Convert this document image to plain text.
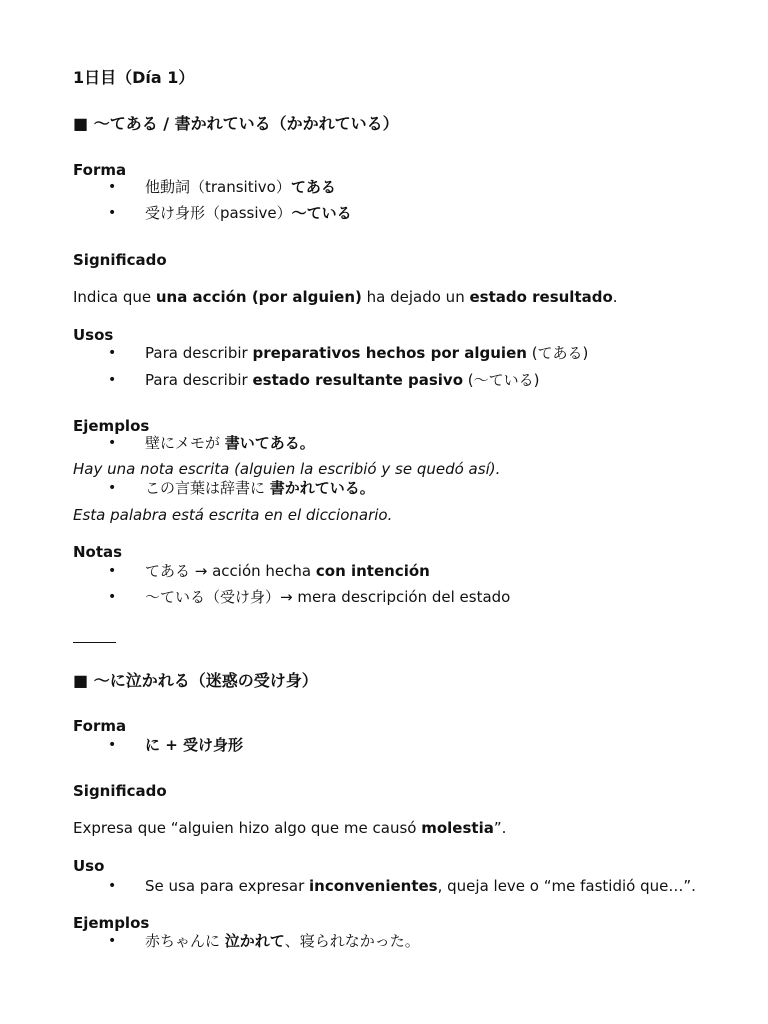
1日目（Día 1）
■ 〜てある / 書かれている（かかれている）
Forma
• 他動詞（transitivo）てある
• 受け身形（passive）〜ている
Significado
Indica que una acción (por alguien) ha dejado un estado resultado.
Usos
• Para describir preparativos hechos por alguien (てある)
• Para describir estado resultante pasivo (〜ている)
Ejemplos
• 壁にメモが 書いてある。
Hay una nota escrita (alguien la escribió y se quedó así).
• この言葉は辞書に 書かれている。
Esta palabra está escrita en el diccionario.
Notas
• てある → acción hecha con intención
• 〜ている（受け身）→ mera descripción del estado
■ 〜に泣かれる（迷惑の受け身）
Forma
• に + 受け身形
Significado
Expresa que “alguien hizo algo que me causó molestia”.
Uso
• Se usa para expresar inconvenientes, queja leve o “me fastidió que…”.
Ejemplos
• 赤ちゃんに 泣かれて、寝られなかった。
